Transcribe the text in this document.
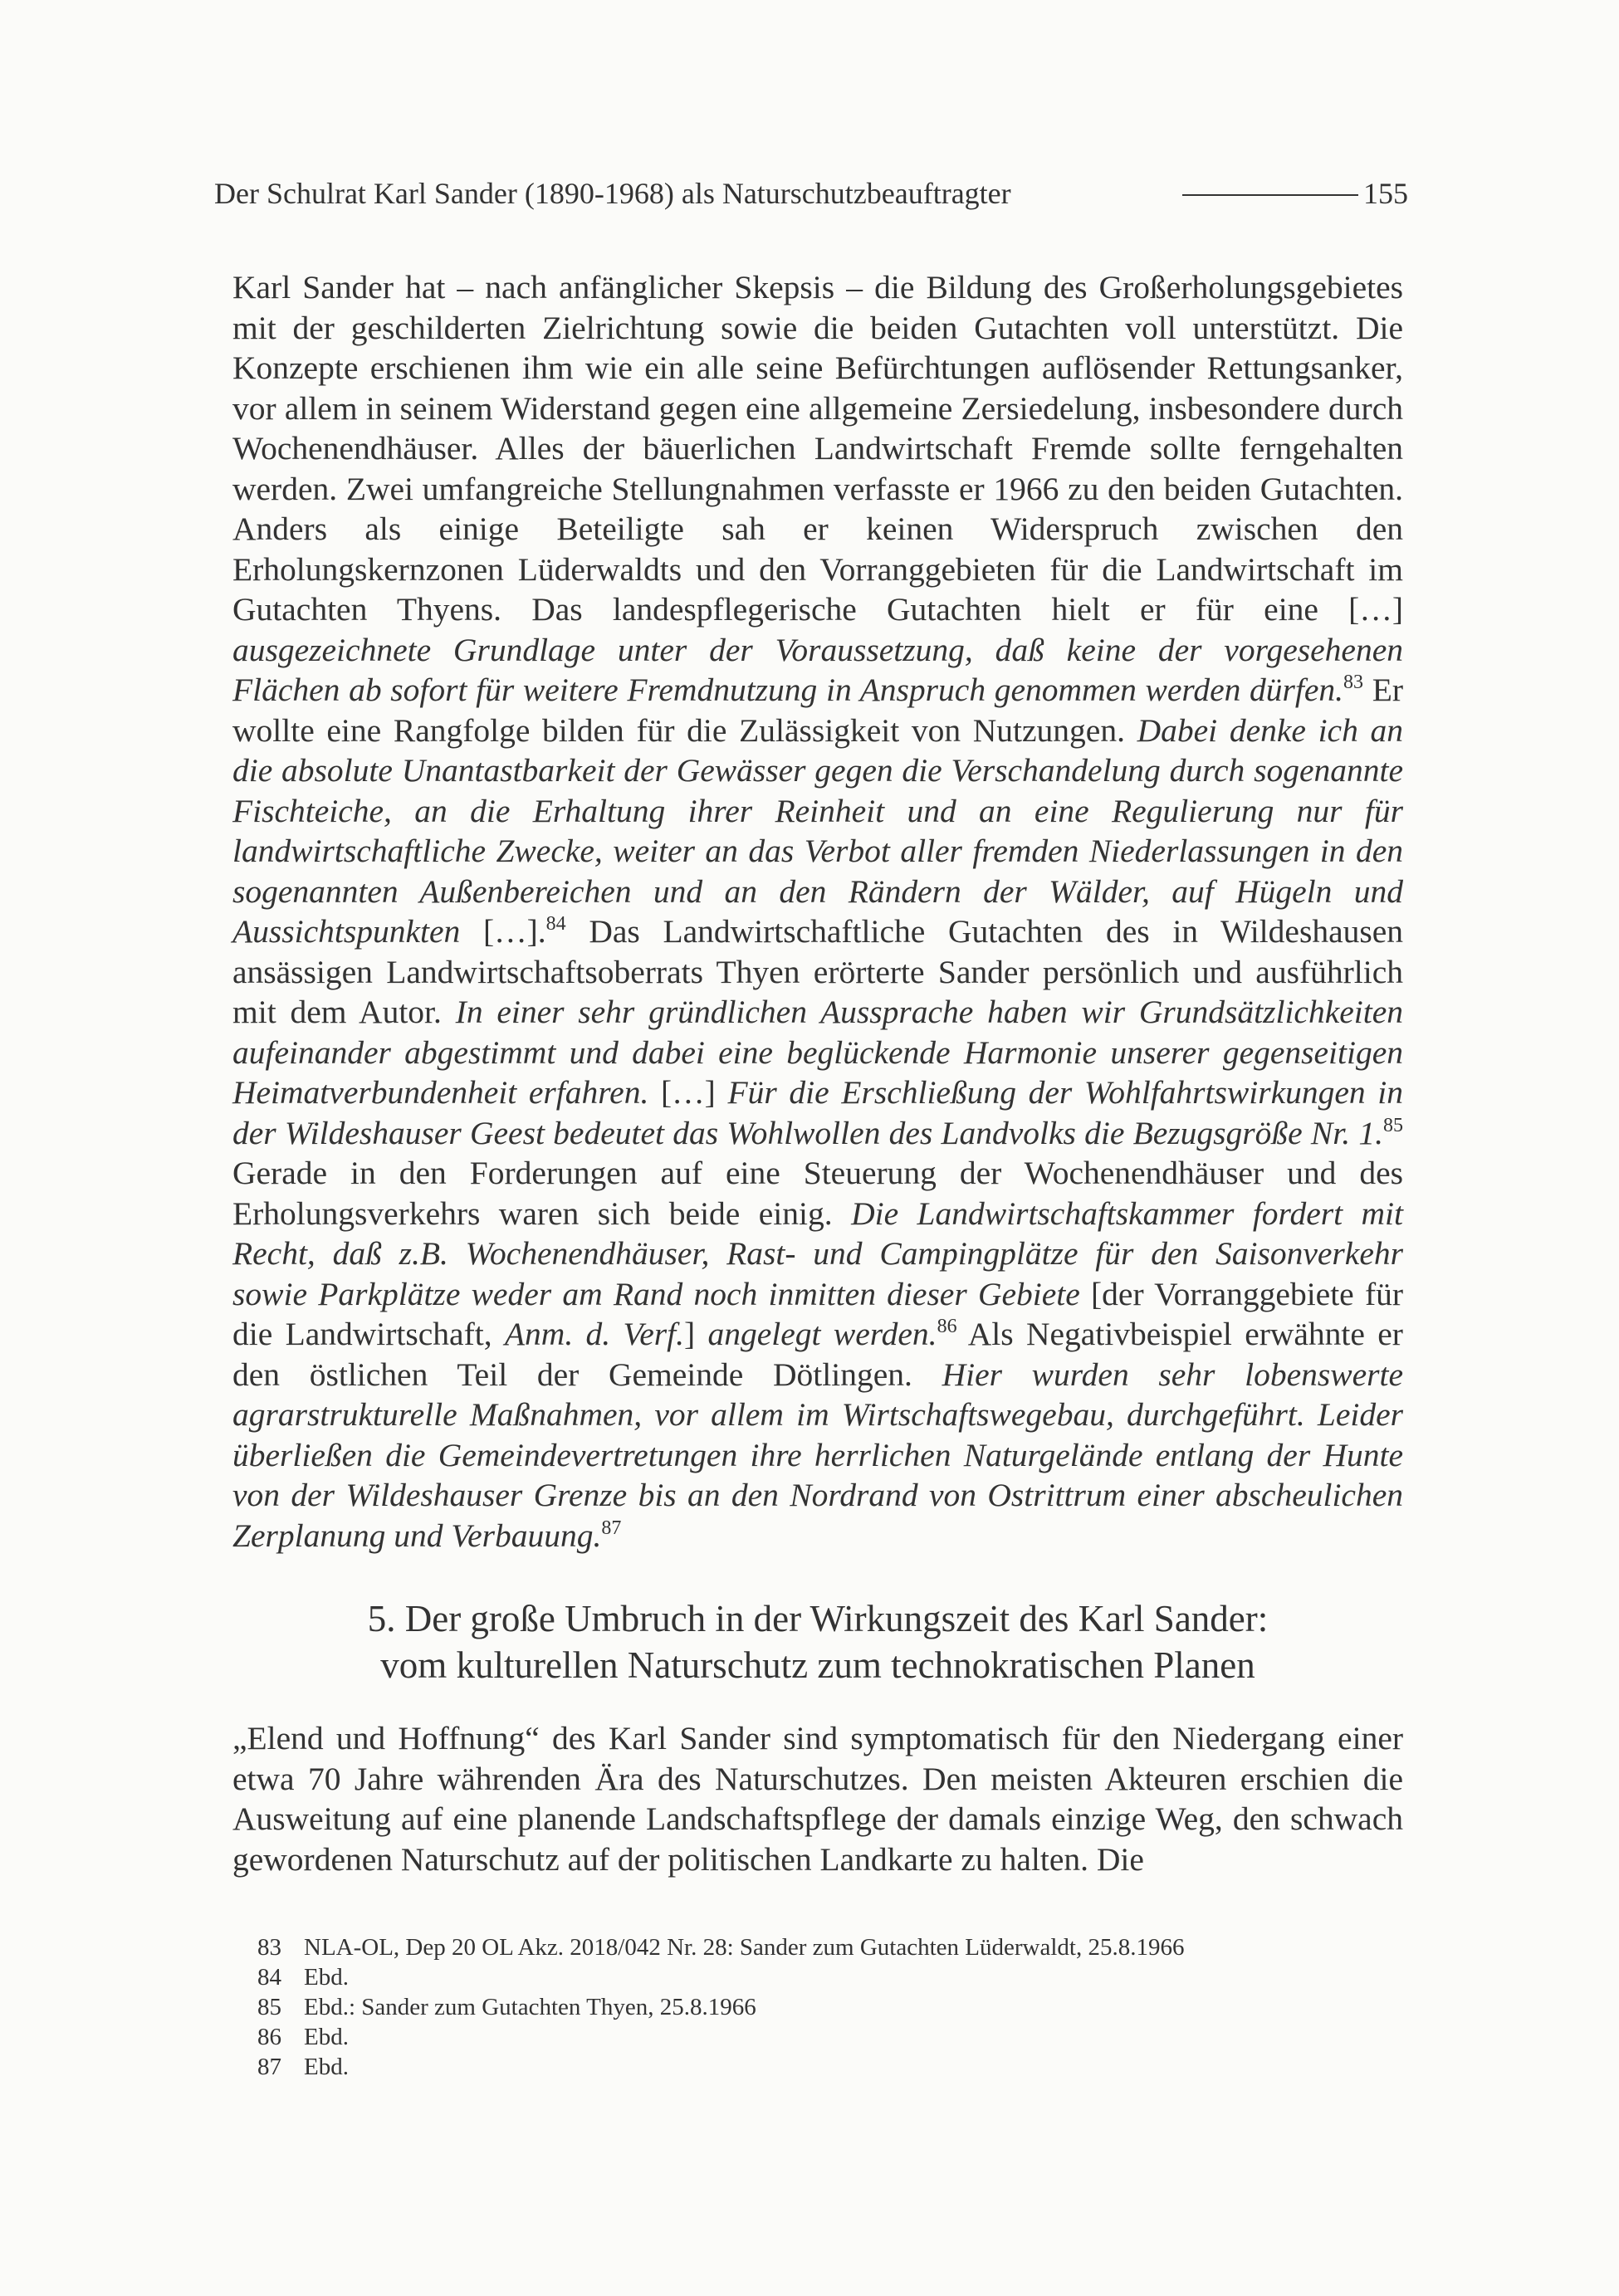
Der Schulrat Karl Sander (1890-1968) als Naturschutzbeauftragter	155

Karl Sander hat – nach anfänglicher Skepsis – die Bildung des Großerholungsgebietes mit der geschilderten Zielrichtung sowie die beiden Gutachten voll unterstützt. Die Konzepte erschienen ihm wie ein alle seine Befürchtungen auflösender Rettungsanker, vor allem in seinem Widerstand gegen eine allgemeine Zersiedelung, insbesondere durch Wochenendhäuser. Alles der bäuerlichen Landwirtschaft Fremde sollte ferngehalten werden. Zwei umfangreiche Stellungnahmen verfasste er 1966 zu den beiden Gutachten. Anders als einige Beteiligte sah er keinen Widerspruch zwischen den Erholungskernzonen Lüderwaldts und den Vorranggebieten für die Landwirtschaft im Gutachten Thyens. Das landespflegerische Gutachten hielt er für eine […] ausgezeichnete Grundlage unter der Voraussetzung, daß keine der vorgesehenen Flächen ab sofort für weitere Fremdnutzung in Anspruch genommen werden dürfen.$^{83}$ Er wollte eine Rangfolge bilden für die Zulässigkeit von Nutzungen. Dabei denke ich an die absolute Unantastbarkeit der Gewässer gegen die Verschandelung durch sogenannte Fischteiche, an die Erhaltung ihrer Reinheit und an eine Regulierung nur für landwirtschaftliche Zwecke, weiter an das Verbot aller fremden Niederlassungen in den sogenannten Außenbereichen und an den Rändern der Wälder, auf Hügeln und Aussichtspunkten […].$^{84}$ Das Landwirtschaftliche Gutachten des in Wildeshausen ansässigen Landwirtschaftsoberrats Thyen erörterte Sander persönlich und ausführlich mit dem Autor. In einer sehr gründlichen Aussprache haben wir Grundsätzlichkeiten aufeinander abgestimmt und dabei eine beglückende Harmonie unserer gegenseitigen Heimatverbundenheit erfahren. […] Für die Erschließung der Wohlfahrtswirkungen in der Wildeshauser Geest bedeutet das Wohlwollen des Landvolks die Bezugsgröße Nr. 1.85 Gerade in den Forderungen auf eine Steuerung der Wochenendhäuser und des Erholungsverkehrs waren sich beide einig. Die Landwirtschaftskammer fordert mit Recht, daß z.B. Wochenendhäuser, Rast- und Campingplätze für den Saisonverkehr sowie Parkplätze weder am Rand noch inmitten dieser Gebiete [der Vorranggebiete für die Landwirtschaft, Anm. d. Verf.] angelegt werden.$^{86}$ Als Negativbeispiel erwähnte er den östlichen Teil der Gemeinde Dötlingen. Hier wurden sehr lobenswerte agrarstrukturelle Maßnahmen, vor allem im Wirtschaftswegebau, durchgeführt. Leider überließen die Gemeindevertretungen ihre herrlichen Naturgelände entlang der Hunte von der Wildeshauser Grenze bis an den Nordrand von Ostrittrum einer abscheulichen Zerplanung und Verbauung.$^{87}$

5. Der große Umbruch in der Wirkungszeit des Karl Sander:
vom kulturellen Naturschutz zum technokratischen Planen

„Elend und Hoffnung“ des Karl Sander sind symptomatisch für den Niedergang einer etwa 70 Jahre währenden Ära des Naturschutzes. Den meisten Akteuren erschien die Ausweitung auf eine planende Landschaftspflege der damals einzige Weg, den schwach gewordenen Naturschutz auf der politischen Landkarte zu halten. Die

83 NLA-OL, Dep 20 OL Akz. 2018/042 Nr. 28: Sander zum Gutachten Lüderwaldt, 25.8.1966
84 Ebd.
85 Ebd.: Sander zum Gutachten Thyen, 25.8.1966
86 Ebd.
87 Ebd.
